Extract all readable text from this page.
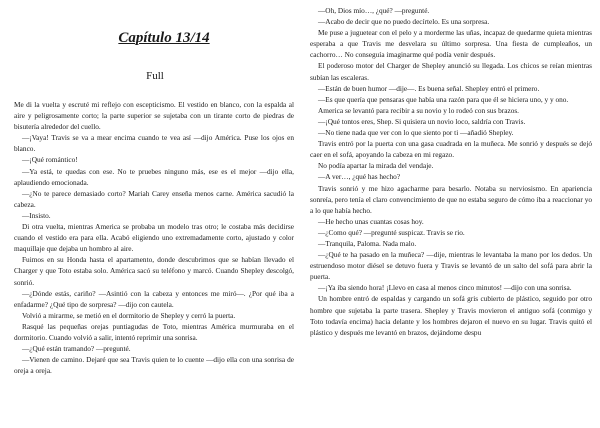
Capítulo 13/14
Full

Me di la vuelta y escruté mi reflejo con escepticismo. El vestido en blanco, con la espalda al aire y peligrosamente corto; la parte superior se sujetaba con un tirante corto de piedras de bisutería alrededor del cuello.

—¡Vaya! Travis se va a mear encima cuando te vea así —dijo América. Puse los ojos en blanco.

—¡Qué romántico!

—Ya está, te quedas con ese. No te pruebes ninguno más, ese es el mejor —dijo ella, aplaudiendo emocionada.

—¿No te parece demasiado corto? Mariah Carey enseña menos carne. América sacudió la cabeza.

—Insisto.

Di otra vuelta, mientras America se probaba un modelo tras otro; le costaba más decidirse cuando el vestido era para ella. Acabó eligiendo uno extremadamente corto, ajustado y color maquillaje que dejaba un hombro al aire.

Fuimos en su Honda hasta el apartamento, donde descubrimos que se habían llevado el Charger y que Toto estaba solo. América sacó su teléfono y marcó. Cuando Shepley descolgó, sonrió.

—¿Dónde estás, cariño? —Asintió con la cabeza y entonces me miró—. ¿Por qué iba a enfadarme? ¿Qué tipo de sorpresa? —dijo con cautela.

Volvió a mirarme, se metió en el dormitorio de Shepley y cerró la puerta.

Rasqué las pequeñas orejas puntiagudas de Toto, mientras América murmuraba en el dormitorio. Cuando volvió a salir, intentó reprimir una sonrisa.

—¿Qué están tramando? —pregunté.

—Vienen de camino. Dejaré que sea Travis quien te lo cuente —dijo ella con una sonrisa de oreja a oreja.

—Oh, Dios mío…, ¿qué? —pregunté.

—Acabo de decir que no puedo decírtelo. Es una sorpresa.

Me puse a juguetear con el pelo y a morderme las uñas, incapaz de quedarme quieta mientras esperaba a que Travis me desvelara su último sorpresa. Una fiesta de cumpleaños, un cachorro… No conseguía imaginarme qué podía venir después.

El poderoso motor del Charger de Shepley anunció su llegada. Los chicos se reían mientras subían las escaleras.

—Están de buen humor —dije—. Es buena señal. Shepley entró el primero.

—Es que quería que pensaras que había una razón para que él se hiciera uno, y y ono.

America se levantó para recibir a su novio y lo rodeó con sus brazos.

—¡Qué tontos eres, Shep. Si quisiera un novio loco, saldría con Travis.

—No tiene nada que ver con lo que siento por ti —añadió Shepley.

Travis entró por la puerta con una gasa cuadrada en la muñeca. Me sonrió y después se dejó caer en el sofá, apoyando la cabeza en mi regazo.

No podía apartar la mirada del vendaje.

—A ver…, ¿qué has hecho?

Travis sonrió y me hizo agacharme para besarlo. Notaba su nerviosismo. En apariencia sonreía, pero tenía el claro convencimiento de que no estaba seguro de cómo iba a reaccionar yo a lo que había hecho.

—He hecho unas cuantas cosas hoy.

—¿Como qué? —pregunté suspicaz. Travis se rio.

—Tranquila, Paloma. Nada malo.

—¿Qué te ha pasado en la muñeca? —dije, mientras le levantaba la mano por los dedos. Un estruendoso motor diésel se detuvo fuera y Travis se levantó de un salto del sofá para abrir la puerta.

—¡Ya iba siendo hora! ¡Llevo en casa al menos cinco minutos! —dijo con una sonrisa.

Un hombre entró de espaldas y cargando un sofá gris cubierto de plástico, seguido por otro hombre que sujetaba la parte trasera. Shepley y Travis movieron el antiguo sofá (conmigo y Toto todavía encima) hacia delante y los hombres dejaron el nuevo en su lugar. Travis quitó el plástico y después me levantó en brazos, dejándome despu
